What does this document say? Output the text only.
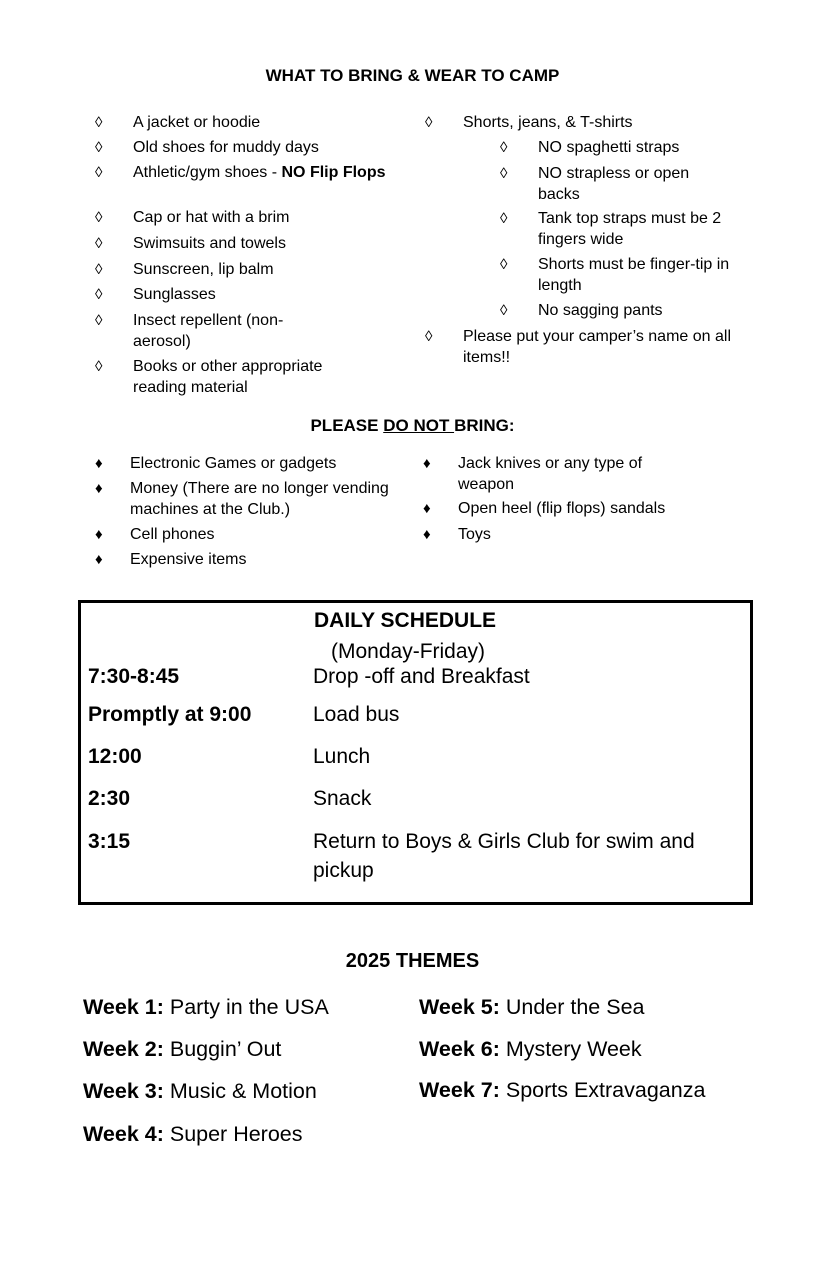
WHAT TO BRING & WEAR TO CAMP
◊ A jacket or hoodie
◊ Old shoes for muddy days
◊ Athletic/gym shoes - NO Flip Flops
◊ Cap or hat with a brim
◊ Swimsuits and towels
◊ Sunscreen, lip balm
◊ Sunglasses
◊ Insect repellent (non-aerosol)
◊ Books or other appropriate reading material
◊ Shorts, jeans, & T-shirts
◊ NO spaghetti straps
◊ NO strapless or open backs
◊ Tank top straps must be 2 fingers wide
◊ Shorts must be finger-tip in length
◊ No sagging pants
◊ Please put your camper’s name on all items!!
PLEASE DO NOT BRING:
♦ Electronic Games or gadgets
♦ Money (There are no longer vending machines at the Club.)
♦ Cell phones
♦ Expensive items
♦ Jack knives or any type of weapon
♦ Open heel (flip flops) sandals
♦ Toys
DAILY SCHEDULE
(Monday-Friday)
7:30-8:45	Drop -off and Breakfast
Promptly at 9:00	Load bus
12:00	Lunch
2:30	Snack
3:15	Return to Boys & Girls Club for swim and pickup
2025 THEMES
Week 1: Party in the USA
Week 2: Buggin’ Out
Week 3: Music & Motion
Week 4: Super Heroes
Week 5: Under the Sea
Week 6: Mystery Week
Week 7: Sports Extravaganza
